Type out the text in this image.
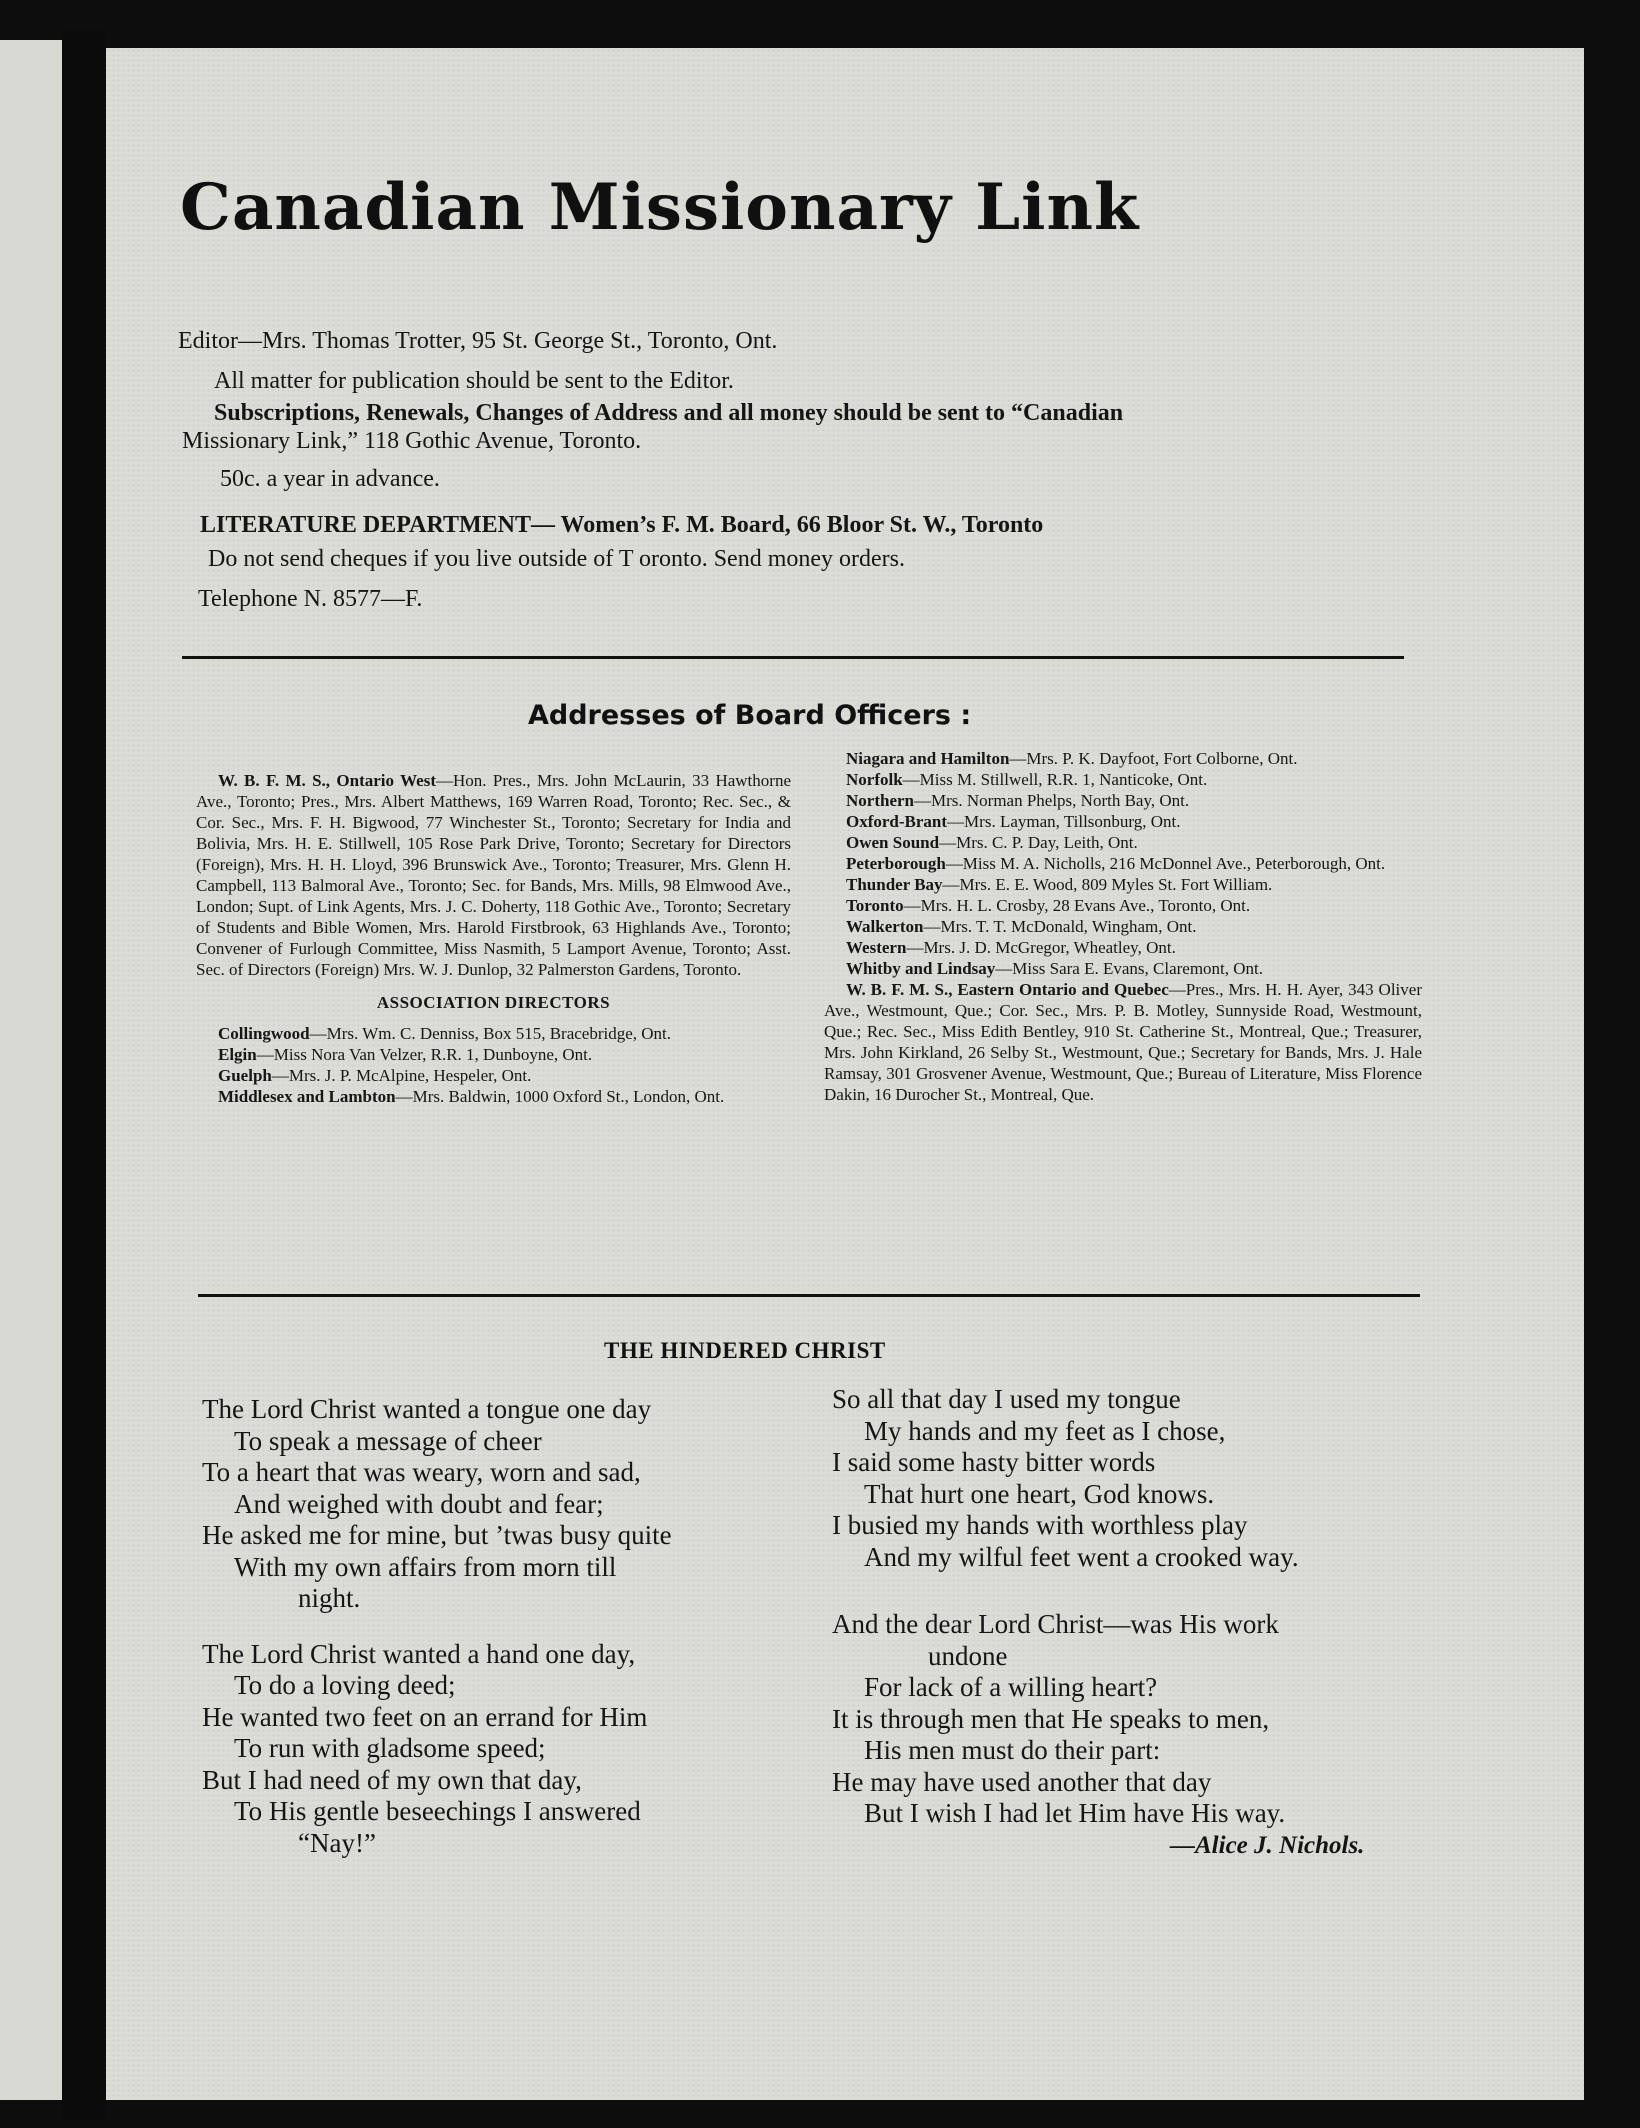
Canadian Missionary Link
Editor—Mrs. Thomas Trotter, 95 St. George St., Toronto, Ont.
All matter for publication should be sent to the Editor.
Subscriptions, Renewals, Changes of Address and all money should be sent to “Canadian
Missionary Link,” 118 Gothic Avenue, Toronto.
50c. a year in advance.
LITERATURE DEPARTMENT— Women’s F. M. Board, 66 Bloor St. W., Toronto
Do not send cheques if you live outside of T oronto. Send money orders.
Telephone N. 8577—F.
Addresses of Board Officers :

W. B. F. M. S., Ontario West—Hon. Pres., Mrs. John McLaurin, 33 Hawthorne Ave., Toronto; Pres., Mrs. Albert Matthews, 169 Warren Road, Toronto; Rec. Sec., & Cor. Sec., Mrs. F. H. Bigwood, 77 Winchester St., Toronto; Secretary for India and Bolivia, Mrs. H. E. Stillwell, 105 Rose Park Drive, Toronto; Secretary for Directors (Foreign), Mrs. H. H. Lloyd, 396 Brunswick Ave., Toronto; Treasurer, Mrs. Glenn H. Campbell, 113 Balmoral Ave., Toronto; Sec. for Bands, Mrs. Mills, 98 Elmwood Ave., London; Supt. of Link Agents, Mrs. J. C. Doherty, 118 Gothic Ave., Toronto; Secretary of Students and Bible Women, Mrs. Harold Firstbrook, 63 Highlands Ave., Toronto; Convener of Furlough Committee, Miss Nasmith, 5 Lamport Avenue, Toronto; Asst. Sec. of Directors (Foreign) Mrs. W. J. Dunlop, 32 Palmerston Gardens, Toronto.

ASSOCIATION DIRECTORS

Collingwood—Mrs. Wm. C. Denniss, Box 515, Bracebridge, Ont.

Elgin—Miss Nora Van Velzer, R.R. 1, Dunboyne, Ont.

Guelph—Mrs. J. P. McAlpine, Hespeler, Ont.

Middlesex and Lambton—Mrs. Baldwin, 1000 Oxford St., London, Ont.

Niagara and Hamilton—Mrs. P. K. Dayfoot, Fort Colborne, Ont.

Norfolk—Miss M. Stillwell, R.R. 1, Nanticoke, Ont.

Northern—Mrs. Norman Phelps, North Bay, Ont.

Oxford-Brant—Mrs. Layman, Tillsonburg, Ont.

Owen Sound—Mrs. C. P. Day, Leith, Ont.

Peterborough—Miss M. A. Nicholls, 216 McDonnel Ave., Peterborough, Ont.

Thunder Bay—Mrs. E. E. Wood, 809 Myles St. Fort William.

Toronto—Mrs. H. L. Crosby, 28 Evans Ave., Toronto, Ont.

Walkerton—Mrs. T. T. McDonald, Wingham, Ont.

Western—Mrs. J. D. McGregor, Wheatley, Ont.

Whitby and Lindsay—Miss Sara E. Evans, Claremont, Ont.

W. B. F. M. S., Eastern Ontario and Quebec—Pres., Mrs. H. H. Ayer, 343 Oliver Ave., Westmount, Que.; Cor. Sec., Mrs. P. B. Motley, Sunnyside Road, Westmount, Que.; Rec. Sec., Miss Edith Bentley, 910 St. Catherine St., Montreal, Que.; Treasurer, Mrs. John Kirkland, 26 Selby St., Westmount, Que.; Secretary for Bands, Mrs. J. Hale Ramsay, 301 Grosvener Avenue, Westmount, Que.; Bureau of Literature, Miss Florence Dakin, 16 Durocher St., Montreal, Que.

THE HINDERED CHRIST
The Lord Christ wanted a tongue one day
To speak a message of cheer
To a heart that was weary, worn and sad,
And weighed with doubt and fear;
He asked me for mine, but ’twas busy quite
With my own affairs from morn till
night.
The Lord Christ wanted a hand one day,
To do a loving deed;
He wanted two feet on an errand for Him
To run with gladsome speed;
But I had need of my own that day,
To His gentle beseechings I answered
“Nay!”
So all that day I used my tongue
My hands and my feet as I chose,
I said some hasty bitter words
That hurt one heart, God knows.
I busied my hands with worthless play
And my wilful feet went a crooked way.
And the dear Lord Christ—was His work
undone
For lack of a willing heart?
It is through men that He speaks to men,
His men must do their part:
He may have used another that day
But I wish I had let Him have His way.
—Alice J. Nichols.
